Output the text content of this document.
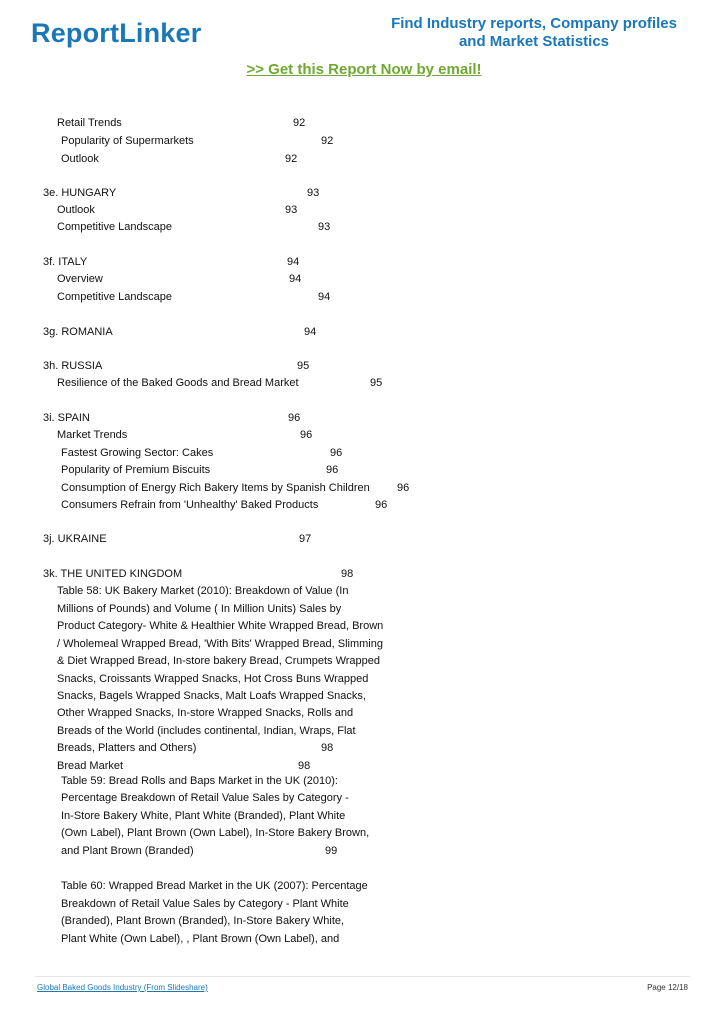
ReportLinker	Find Industry reports, Company profiles
and Market Statistics
>> Get this Report Now by email!
Retail Trends	92
Popularity of Supermarkets	92
Outlook	92
3e. HUNGARY	93
Outlook	93
Competitive Landscape	93
3f. ITALY	94
Overview	94
Competitive Landscape	94
3g. ROMANIA	94
3h. RUSSIA	95
Resilience of the Baked Goods and Bread Market	95
3i. SPAIN	96
Market Trends	96
Fastest Growing Sector: Cakes	96
Popularity of Premium Biscuits	96
Consumption of Energy Rich Bakery Items by Spanish Children 96
Consumers Refrain from 'Unhealthy' Baked Products	96
3j. UKRAINE	97
3k. THE UNITED KINGDOM	98
Table 58: UK Bakery Market (2010): Breakdown of Value (In
Millions of Pounds) and Volume ( In Million Units) Sales by
Product Category- White & Healthier White Wrapped Bread, Brown
/ Wholemeal Wrapped Bread, 'With Bits' Wrapped Bread, Slimming
& Diet Wrapped Bread, In-store bakery Bread, Crumpets Wrapped
Snacks, Croissants Wrapped Snacks, Hot Cross Buns Wrapped
Snacks, Bagels Wrapped Snacks, Malt Loafs Wrapped Snacks,
Other Wrapped Snacks, In-store Wrapped Snacks, Rolls and
Breads of the World (includes continental, Indian, Wraps, Flat
Breads, Platters and Others)	98
Bread Market	98
Table 59: Bread Rolls and Baps Market in the UK (2010):
Percentage Breakdown of Retail Value Sales by Category -
In-Store Bakery White, Plant White (Branded), Plant White
(Own Label), Plant Brown (Own Label), In-Store Bakery Brown,
and Plant Brown (Branded)	99
Table 60: Wrapped Bread Market in the UK (2007): Percentage
Breakdown of Retail Value Sales by Category - Plant White
(Branded), Plant Brown (Branded), In-Store Bakery White,
Plant White (Own Label), , Plant Brown (Own Label), and
Global Baked Goods Industry (From Slideshare)	Page 12/18
